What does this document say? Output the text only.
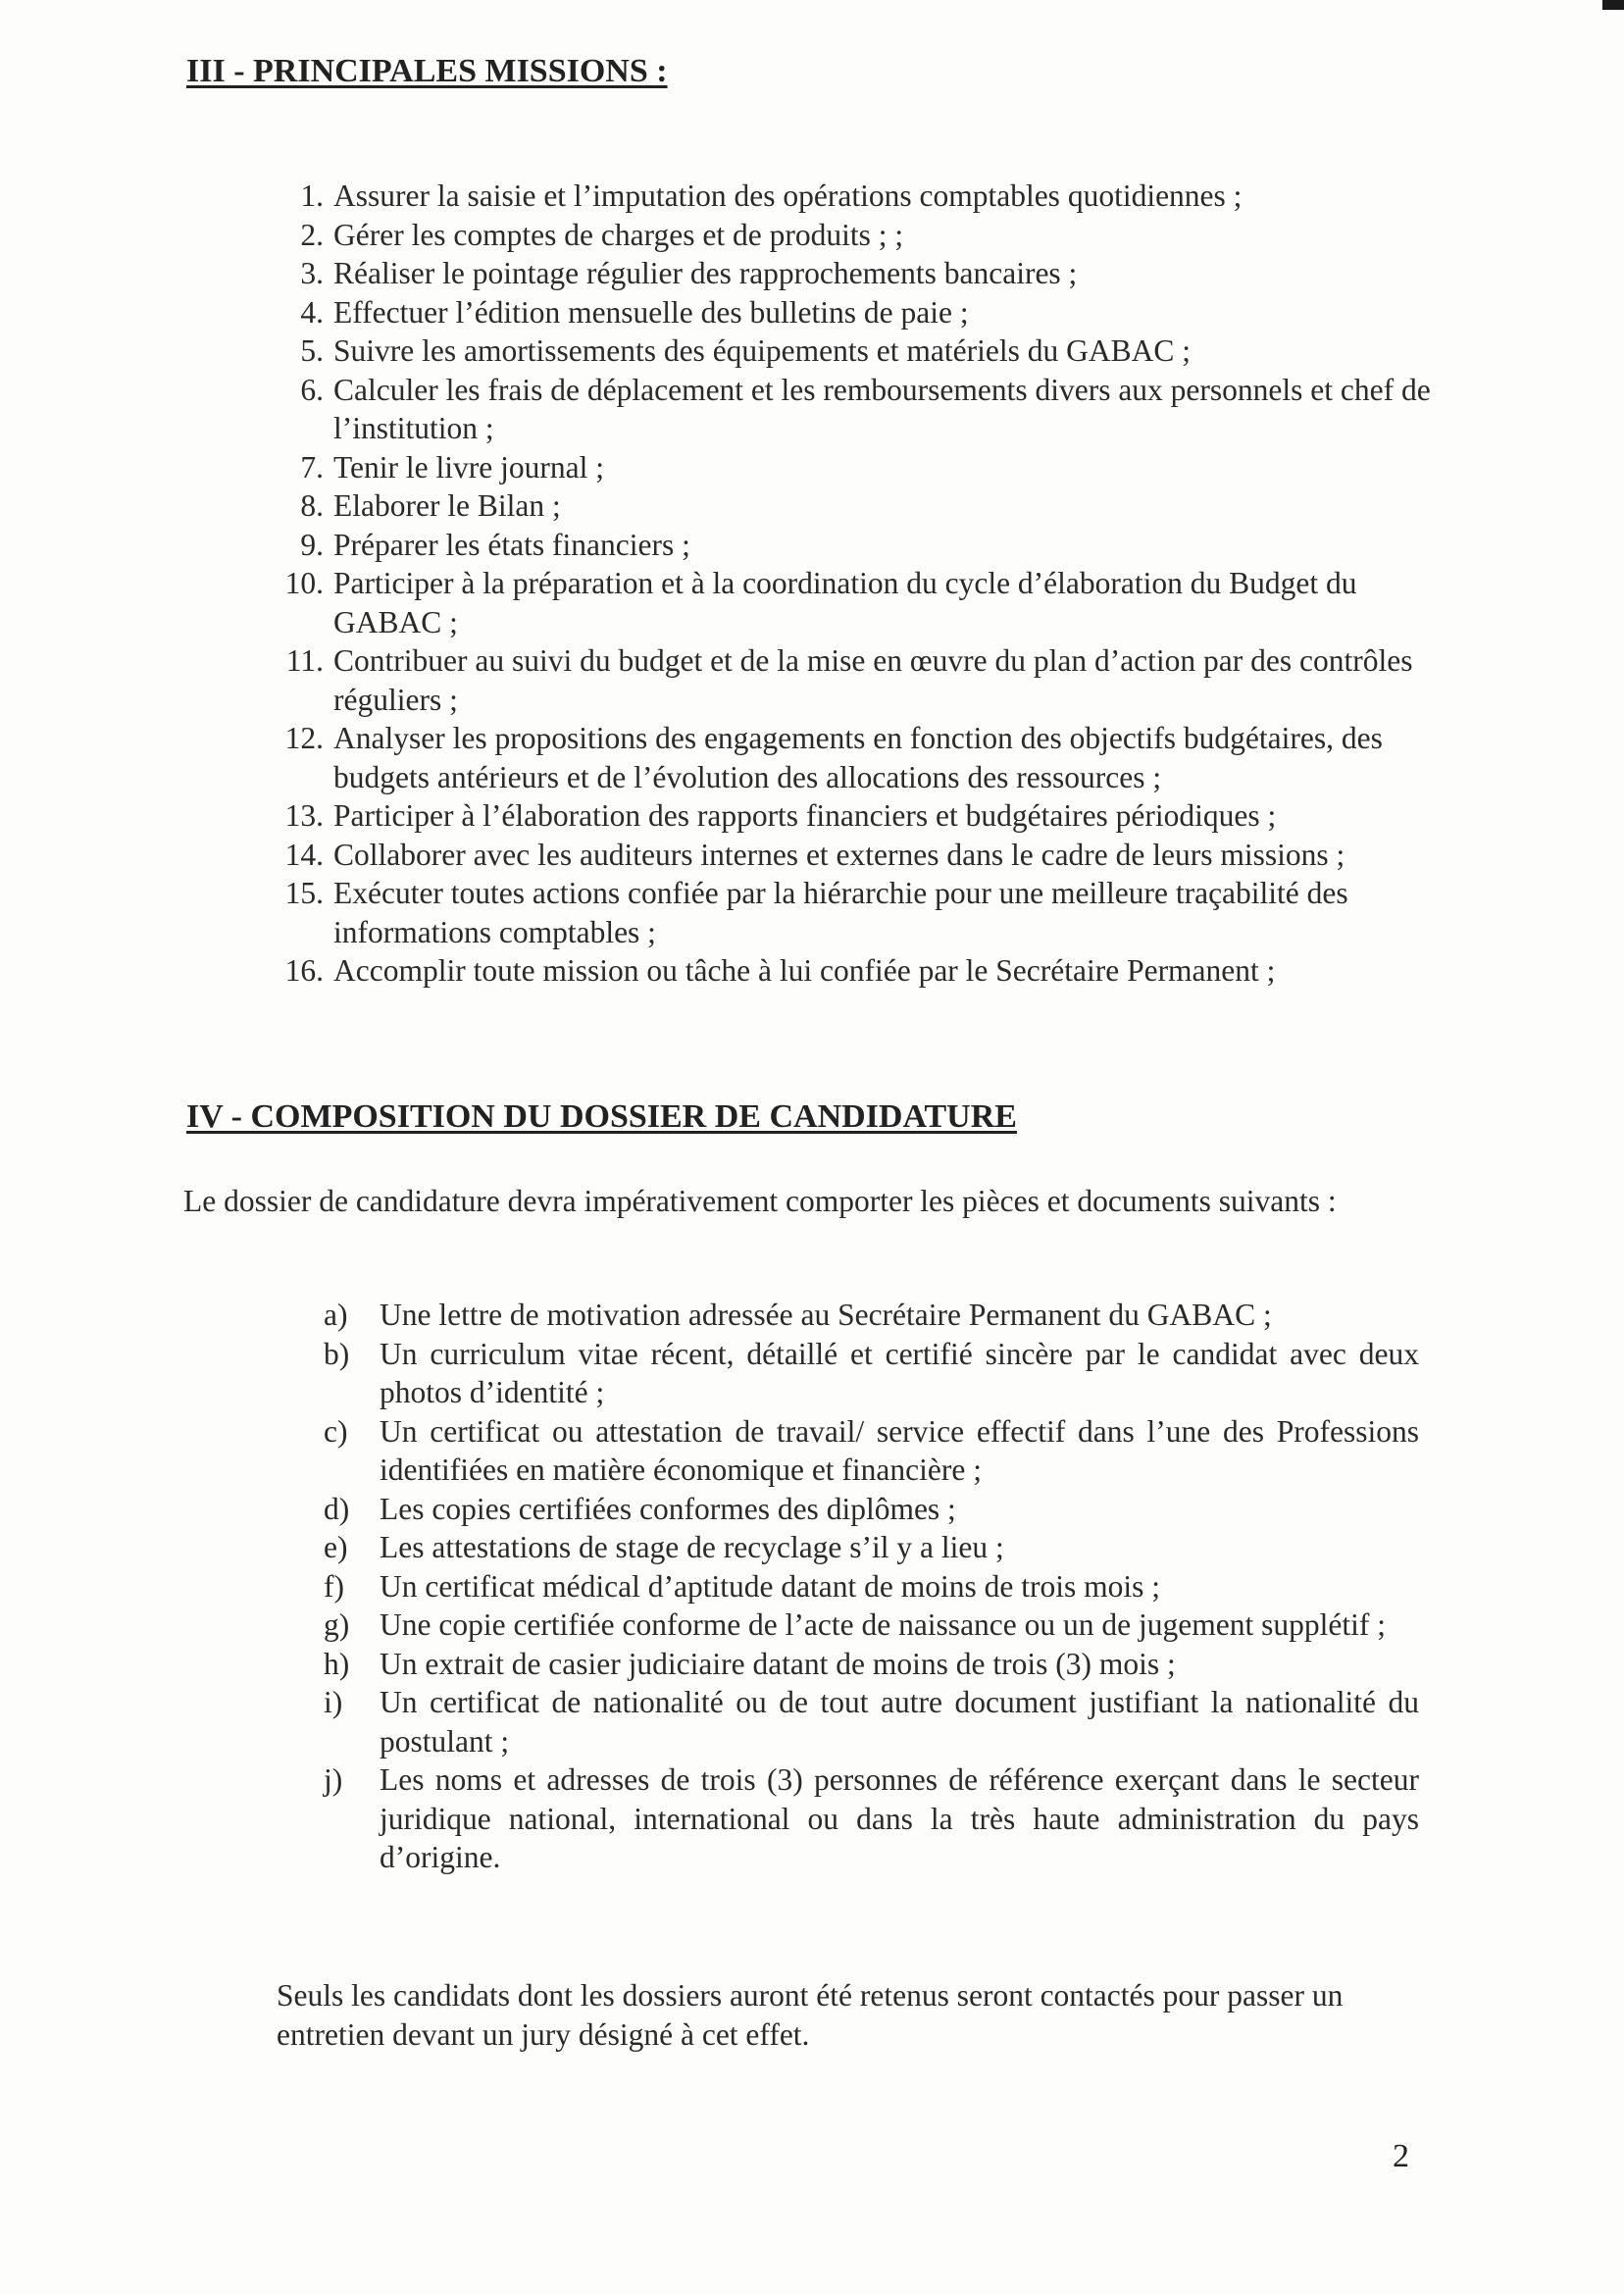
III - PRINCIPALES MISSIONS :
1. Assurer la saisie et l’imputation des opérations comptables quotidiennes ;
2. Gérer les comptes de charges et de produits ; ;
3. Réaliser le pointage régulier des rapprochements bancaires ;
4. Effectuer l’édition mensuelle des bulletins de paie ;
5. Suivre les amortissements des équipements et matériels du GABAC ;
6. Calculer les frais de déplacement et les remboursements divers aux personnels et chef de l’institution ;
7. Tenir le livre journal ;
8. Elaborer le Bilan ;
9. Préparer les états financiers ;
10. Participer à la préparation et à la coordination du cycle d’élaboration du Budget du GABAC ;
11. Contribuer au suivi du budget et de la mise en œuvre du plan d’action par des contrôles réguliers ;
12. Analyser les propositions des engagements en fonction des objectifs budgétaires, des budgets antérieurs et de l’évolution des allocations des ressources ;
13. Participer à l’élaboration des rapports financiers et budgétaires périodiques ;
14. Collaborer avec les auditeurs internes et externes dans le cadre de leurs missions ;
15. Exécuter toutes actions confiée par la hiérarchie pour une meilleure traçabilité des informations comptables ;
16. Accomplir toute mission ou tâche à lui confiée par le Secrétaire Permanent ;
IV - COMPOSITION DU DOSSIER DE CANDIDATURE

Le dossier de candidature devra impérativement comporter les pièces et documents suivants :

a) Une lettre de motivation adressée au Secrétaire Permanent du GABAC ;
b) Un curriculum vitae récent, détaillé et certifié sincère par le candidat avec deux photos d’identité ;
c) Un certificat ou attestation de travail/ service effectif dans l’une des Professions identifiées en matière économique et financière ;
d) Les copies certifiées conformes des diplômes ;
e) Les attestations de stage de recyclage s’il y a lieu ;
f) Un certificat médical d’aptitude datant de moins de trois mois ;
g) Une copie certifiée conforme de l’acte de naissance ou un de jugement supplétif ;
h) Un extrait de casier judiciaire datant de moins de trois (3) mois ;
i) Un certificat de nationalité ou de tout autre document justifiant la nationalité du postulant ;
j) Les noms et adresses de trois (3) personnes de référence exerçant dans le secteur juridique national, international ou dans la très haute administration du pays d’origine.

Seuls les candidats dont les dossiers auront été retenus seront contactés pour passer un entretien devant un jury désigné à cet effet.

2
